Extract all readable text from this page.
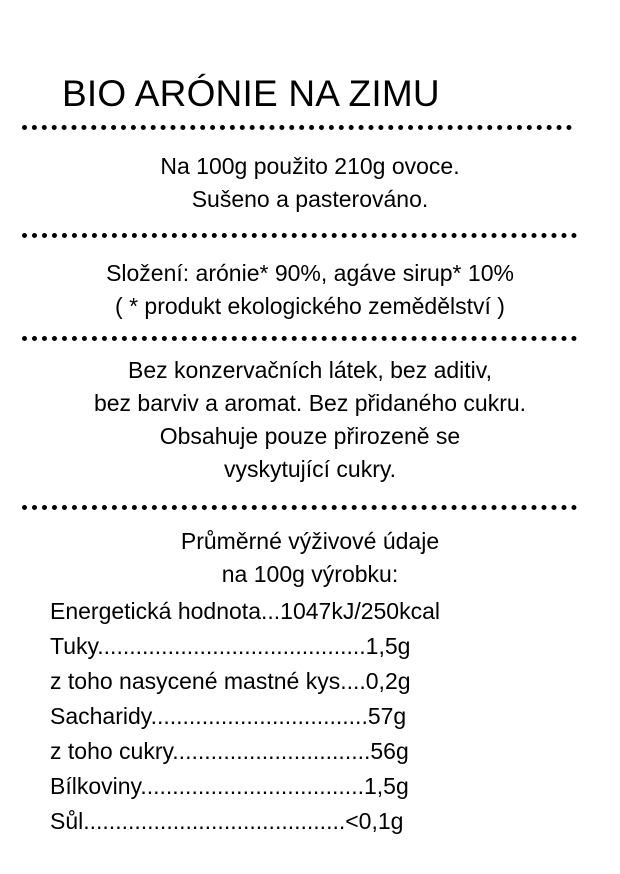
BIO ARÓNIE NA ZIMU

Na 100g použito 210g ovoce.

Sušeno a pasterováno.

Složení: arónie* 90%, agáve sirup* 10%

( * produkt ekologického zemědělství )

Bez konzervačních látek, bez aditiv,

bez barviv a aromat. Bez přidaného cukru.

Obsahuje pouze přirozeně se

vyskytující cukry.

Průměrné výživové údaje

na 100g výrobku:

Energetická hodnota...1047kJ/250kcal
Tuky..........................................1,5g
z toho nasycené mastné kys....0,2g
Sacharidy..................................57g
z toho cukry...............................56g
Bílkoviny...................................1,5g
Sůl.........................................<0,1g
